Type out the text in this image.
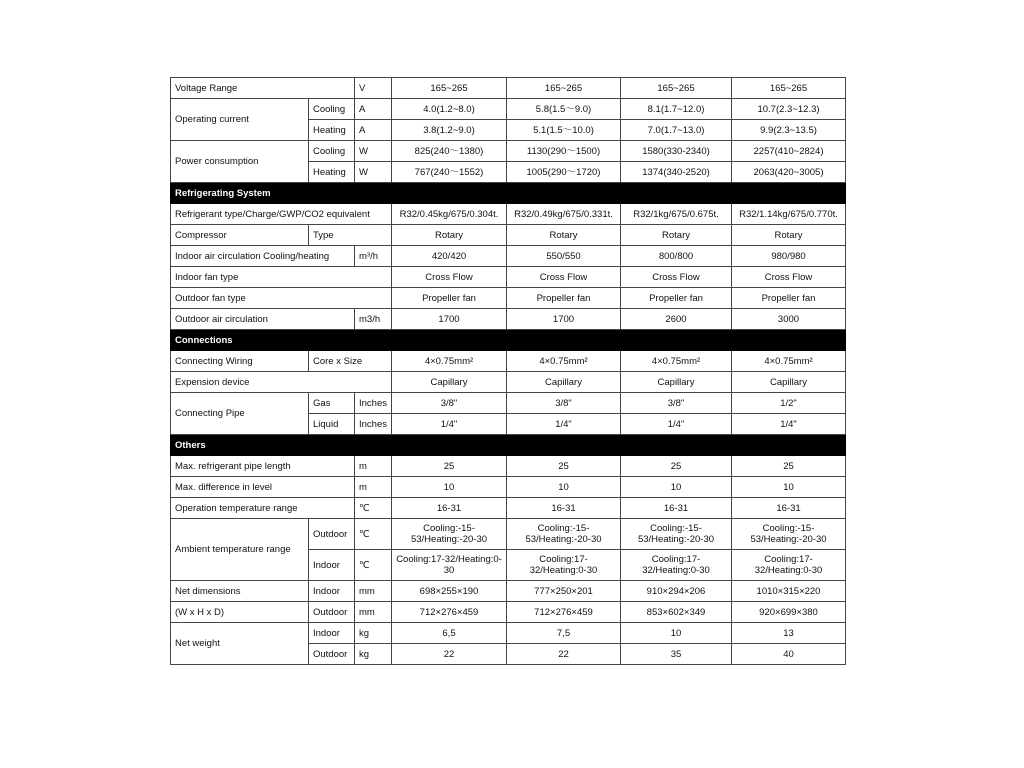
Voltage Range		V	165~265	165~265	165~265	165~265
Operating current	Cooling	A	4.0(1.2~8.0)	5.8(1.5～9.0)	8.1(1.7~12.0)	10.7(2.3~12.3)
	Heating	A	3.8(1.2~9.0)	5.1(1.5～10.0)	7.0(1.7~13.0)	9.9(2.3~13.5)
Power consumption	Cooling	W	825(240～1380)	1130(290～1500)	1580(330-2340)	2257(410~2824)
	Heating	W	767(240～1552)	1005(290～1720)	1374(340-2520)	2063(420~3005)
Refrigerating System						
Refrigerant type/Charge/GWP/CO2 equivalent			R32/0.45kg/675/0.304t.	R32/0.49kg/675/0.331t.	R32/1kg/675/0.675t.	R32/1.14kg/675/0.770t.
Compressor	Type		Rotary	Rotary	Rotary	Rotary
Indoor air circulation Cooling/heating		m³/h	420/420	550/550	800/800	980/980
Indoor fan type			Cross Flow	Cross Flow	Cross Flow	Cross Flow
Outdoor fan type			Propeller fan	Propeller fan	Propeller fan	Propeller fan
Outdoor air circulation		m3/h	1700	1700	2600	3000
Connections						
Connecting Wiring	Core x Size		4×0.75mm²	4×0.75mm²	4×0.75mm²	4×0.75mm²
Expension device			Capillary	Capillary	Capillary	Capillary
Connecting Pipe	Gas	Inches	3/8"	3/8"	3/8"	1/2"
	Liquid	Inches	1/4"	1/4"	1/4"	1/4"
Others						
Max. refrigerant pipe length		m	25	25	25	25
Max. difference in level		m	10	10	10	10
Operation temperature range		℃	16-31	16-31	16-31	16-31
Ambient temperature range	Outdoor	℃	Cooling:-15-53/Heating:-20-30	Cooling:-15-53/Heating:-20-30	Cooling:-15-53/Heating:-20-30	Cooling:-15-53/Heating:-20-30
	Indoor	℃	Cooling:17-32/Heating:0-30	Cooling:17-32/Heating:0-30	Cooling:17-32/Heating:0-30	Cooling:17-32/Heating:0-30
Net dimensions	Indoor	mm	698×255×190	777×250×201	910×294×206	1010×315×220
(W x H x D)	Outdoor	mm	712×276×459	712×276×459	853×602×349	920×699×380
Net weight	Indoor	kg	6,5	7,5	10	13
	Outdoor	kg	22	22	35	40
